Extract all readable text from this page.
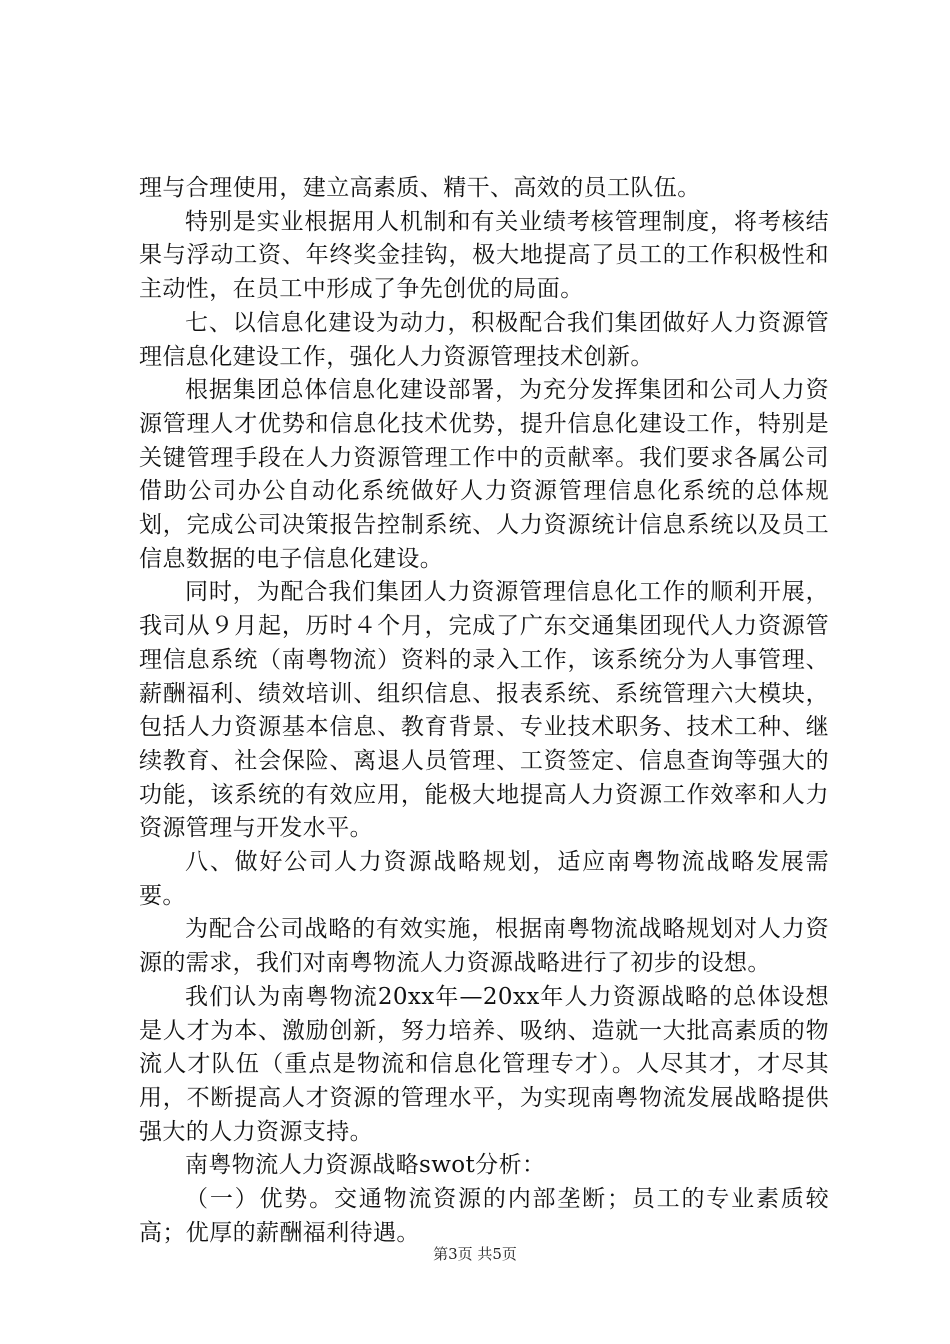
理与合理使用，建立高素质、精干、高效的员工队伍。

特别是实业根据用人机制和有关业绩考核管理制度，将考核结果与浮动工资、年终奖金挂钩，极大地提高了员工的工作积极性和主动性，在员工中形成了争先创优的局面。

七、以信息化建设为动力，积极配合我们集团做好人力资源管理信息化建设工作，强化人力资源管理技术创新。

根据集团总体信息化建设部署，为充分发挥集团和公司人力资源管理人才优势和信息化技术优势，提升信息化建设工作，特别是关键管理手段在人力资源管理工作中的贡献率。我们要求各属公司借助公司办公自动化系统做好人力资源管理信息化系统的总体规划，完成公司决策报告控制系统、人力资源统计信息系统以及员工信息数据的电子信息化建设。

同时，为配合我们集团人力资源管理信息化工作的顺利开展，我司从９月起，历时４个月，完成了广东交通集团现代人力资源管理信息系统（南粤物流）资料的录入工作，该系统分为人事管理、薪酬福利、绩效培训、组织信息、报表系统、系统管理六大模块，包括人力资源基本信息、教育背景、专业技术职务、技术工种、继续教育、社会保险、离退人员管理、工资签定、信息查询等强大的功能，该系统的有效应用，能极大地提高人力资源工作效率和人力资源管理与开发水平。

八、做好公司人力资源战略规划，适应南粤物流战略发展需要。

为配合公司战略的有效实施，根据南粤物流战略规划对人力资源的需求，我们对南粤物流人力资源战略进行了初步的设想。

我们认为南粤物流20xx年—20xx年人力资源战略的总体设想是人才为本、激励创新，努力培养、吸纳、造就一大批高素质的物流人才队伍（重点是物流和信息化管理专才）。人尽其才，才尽其用，不断提高人才资源的管理水平，为实现南粤物流发展战略提供强大的人力资源支持。

南粤物流人力资源战略swot分析：

（一）优势。交通物流资源的内部垄断；员工的专业素质较高；优厚的薪酬福利待遇。

第3页 共5页
